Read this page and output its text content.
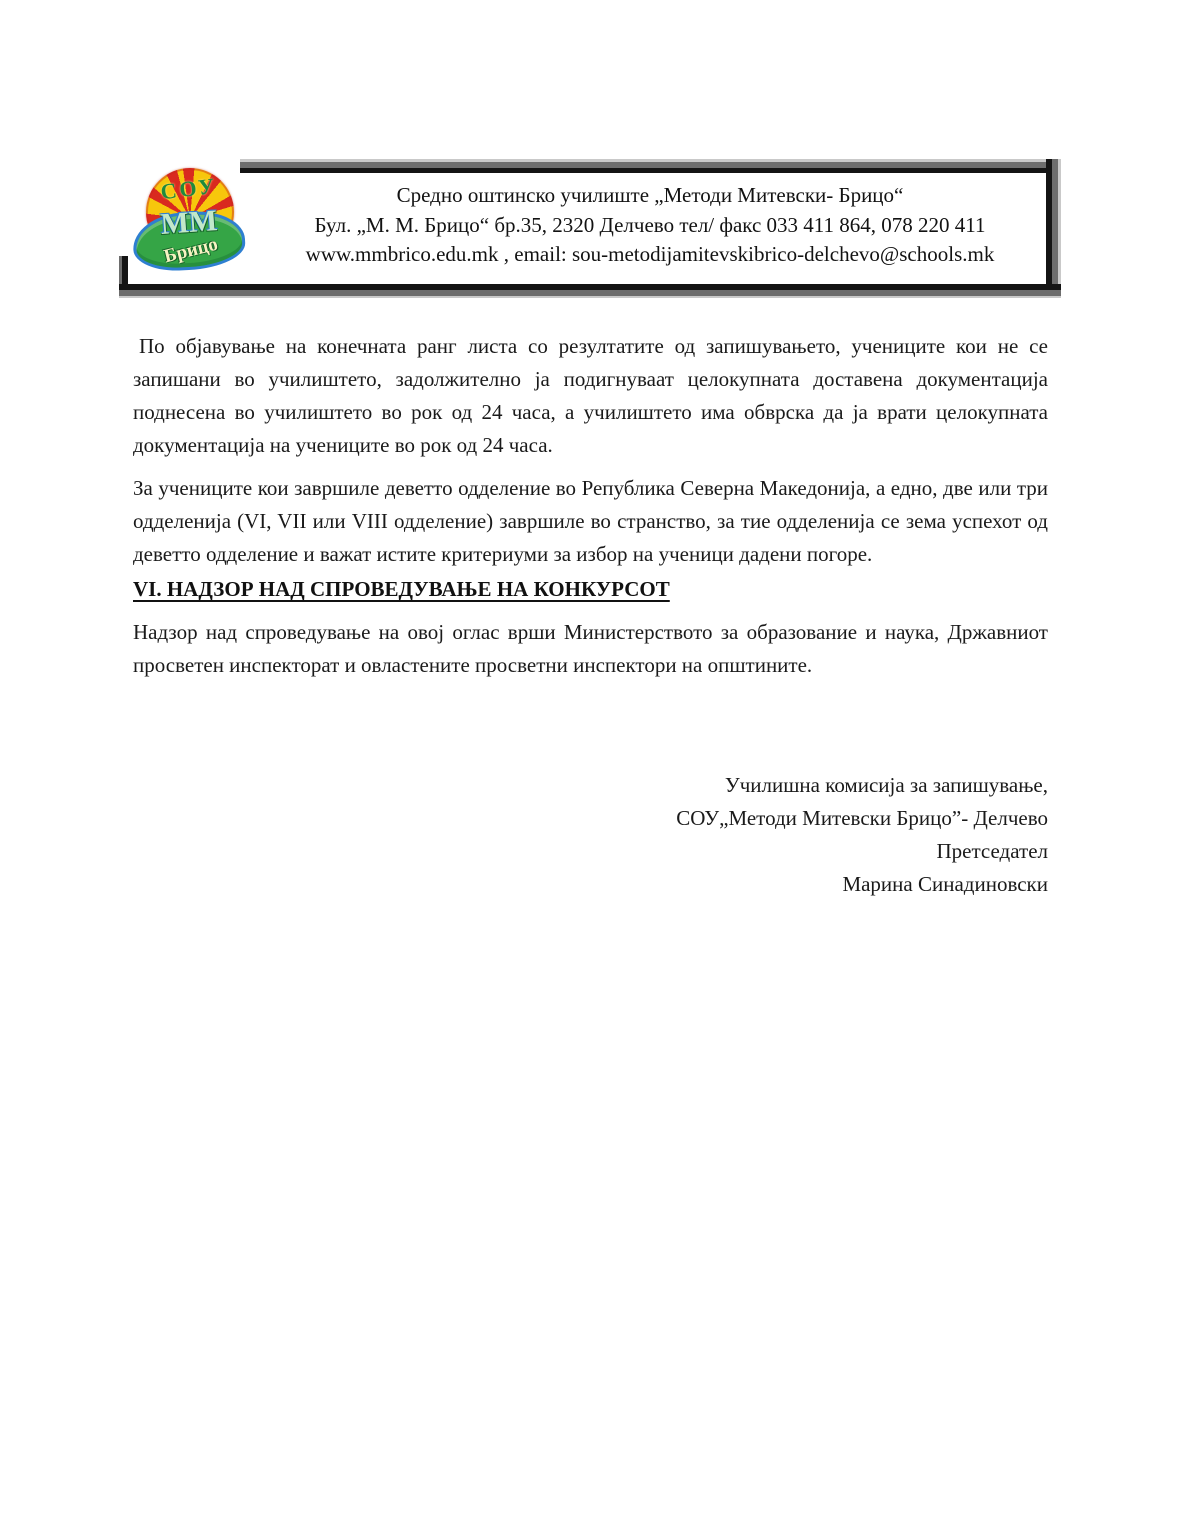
СОУ
ММ
Брицо
Средно оштинско училиште „Методи Митевски- Брицо“
Бул. „М. М. Брицо“ бр.35, 2320 Делчево тел/ факс 033 411 864, 078 220 411
www.mmbrico.edu.mk , email: sou-metodijamitevskibrico-delchevo@schools.mk

По објавување на конечната ранг листа со резултатите од запишувањето, учениците кои не се запишани во училиштето, задолжително ја подигнуваат целокупната доставена документација поднесена во училиштето во рок од 24 часа, а училиштето има обврска да ја врати целокупната документација на учениците во рок од 24 часа.

За учениците кои завршиле деветто одделение во Република Северна Македонија, а едно, две или три одделенија (VI, VII или VIII одделение) завршиле во странство, за тие одделенија се зема успехот од деветто одделение и важат истите критериуми за избор на ученици дадени погоре.

VI. НАДЗОР НАД СПРОВЕДУВАЊЕ НА КОНКУРСОТ

Надзор над спроведување на овој оглас врши Министерството за образование и наука, Државниот просветен инспекторат и овластените просветни инспектори на општините.

Училишна комисија за запишување,
СОУ„Методи Митевски Брицо”- Делчево
Претседател
Марина Синадиновски
